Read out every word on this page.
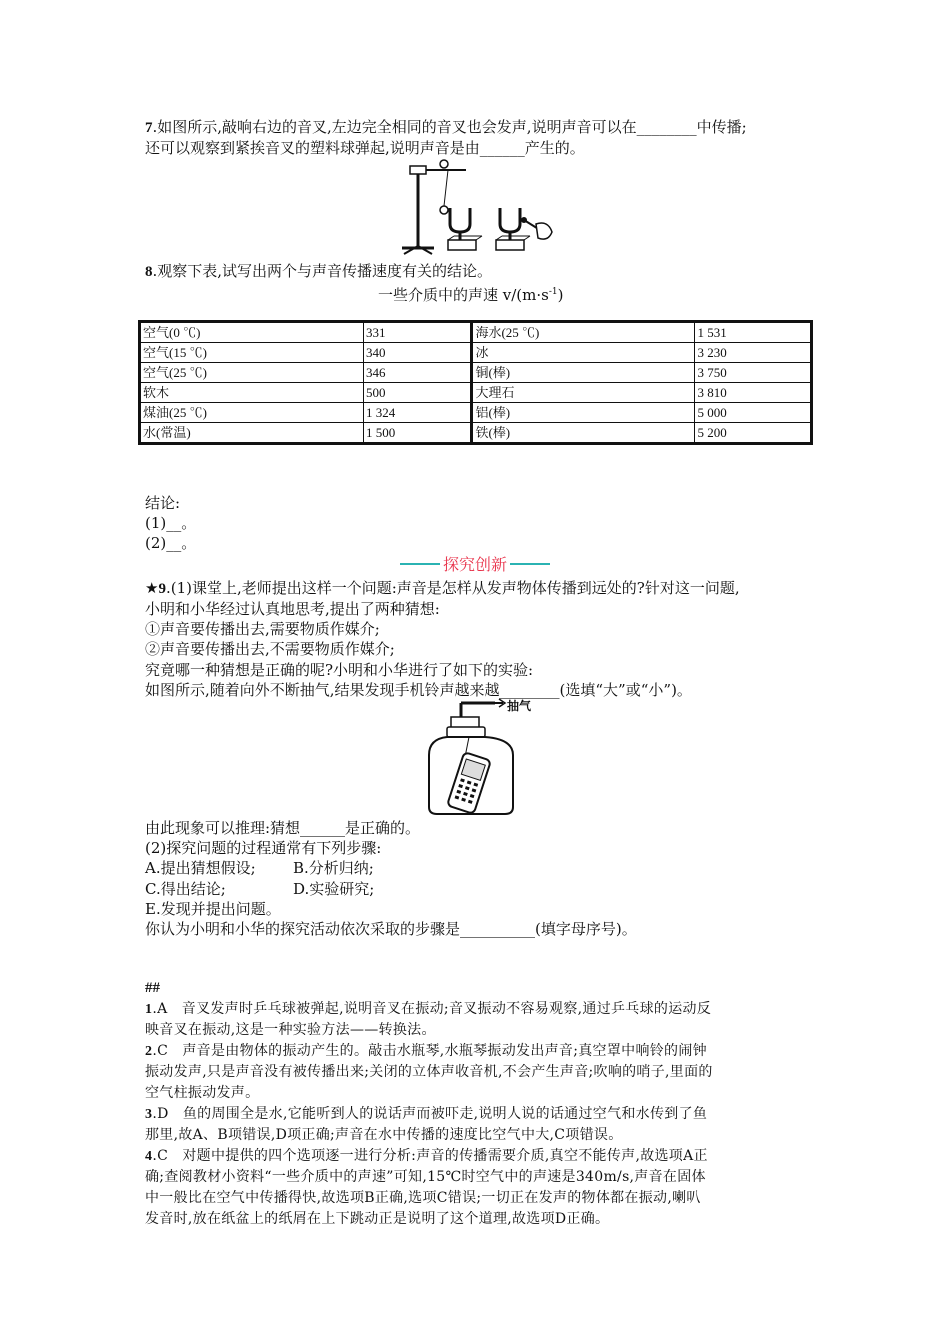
7.如图所示,敲响右边的音叉,左边完全相同的音叉也会发声,说明声音可以在________中传播;
还可以观察到紧挨音叉的塑料球弹起,说明声音是由______产生的。
8.观察下表,试写出两个与声音传播速度有关的结论。
一些介质中的声速 $v/(m\cdot s^{-1})$
空气(0 ℃)	331	海水(25 ℃)	1 531
空气(15 ℃)	340	冰	3 230
空气(25 ℃)	346	铜(棒)	3 750
软木	500	大理石	3 810
煤油(25 ℃)	1 324	铝(棒)	5 000
水(常温)	1 500	铁(棒)	5 200
结论:
(1)__。
(2)__。
探究创新
★9.(1)课堂上,老师提出这样一个问题:声音是怎样从发声物体传播到远处的?针对这一问题,
小明和小华经过认真地思考,提出了两种猜想:
①声音要传播出去,需要物质作媒介;
②声音要传播出去,不需要物质作媒介;
究竟哪一种猜想是正确的呢?小明和小华进行了如下的实验:
如图所示,随着向外不断抽气,结果发现手机铃声越来越________(选填“大”或“小”)。
抽气
由此现象可以推理:猜想______是正确的。
(2)探究问题的过程通常有下列步骤:
A.提出猜想假设; B.分析归纳;
C.得出结论;	D.实验研究;
E.发现并提出问题。
你认为小明和小华的探究活动依次采取的步骤是__________(填字母序号)。
##
1.A　音叉发声时乒乓球被弹起,说明音叉在振动;音叉振动不容易观察,通过乒乓球的运动反
映音叉在振动,这是一种实验方法——转换法。
2.C　声音是由物体的振动产生的。敲击水瓶琴,水瓶琴振动发出声音;真空罩中响铃的闹钟
振动发声,只是声音没有被传播出来;关闭的立体声收音机,不会产生声音;吹响的哨子,里面的
空气柱振动发声。
3.D　鱼的周围全是水,它能听到人的说话声而被吓走,说明人说的话通过空气和水传到了鱼
那里,故A、B项错误,D项正确;声音在水中传播的速度比空气中大,C项错误。
4.C　对题中提供的四个选项逐一进行分析:声音的传播需要介质,真空不能传声,故选项A正
确;查阅教材小资料“一些介质中的声速”可知,15℃时空气中的声速是340m/s,声音在固体
中一般比在空气中传播得快,故选项B正确,选项C错误;一切正在发声的物体都在振动,喇叭
发音时,放在纸盆上的纸屑在上下跳动正是说明了这个道理,故选项D正确。
